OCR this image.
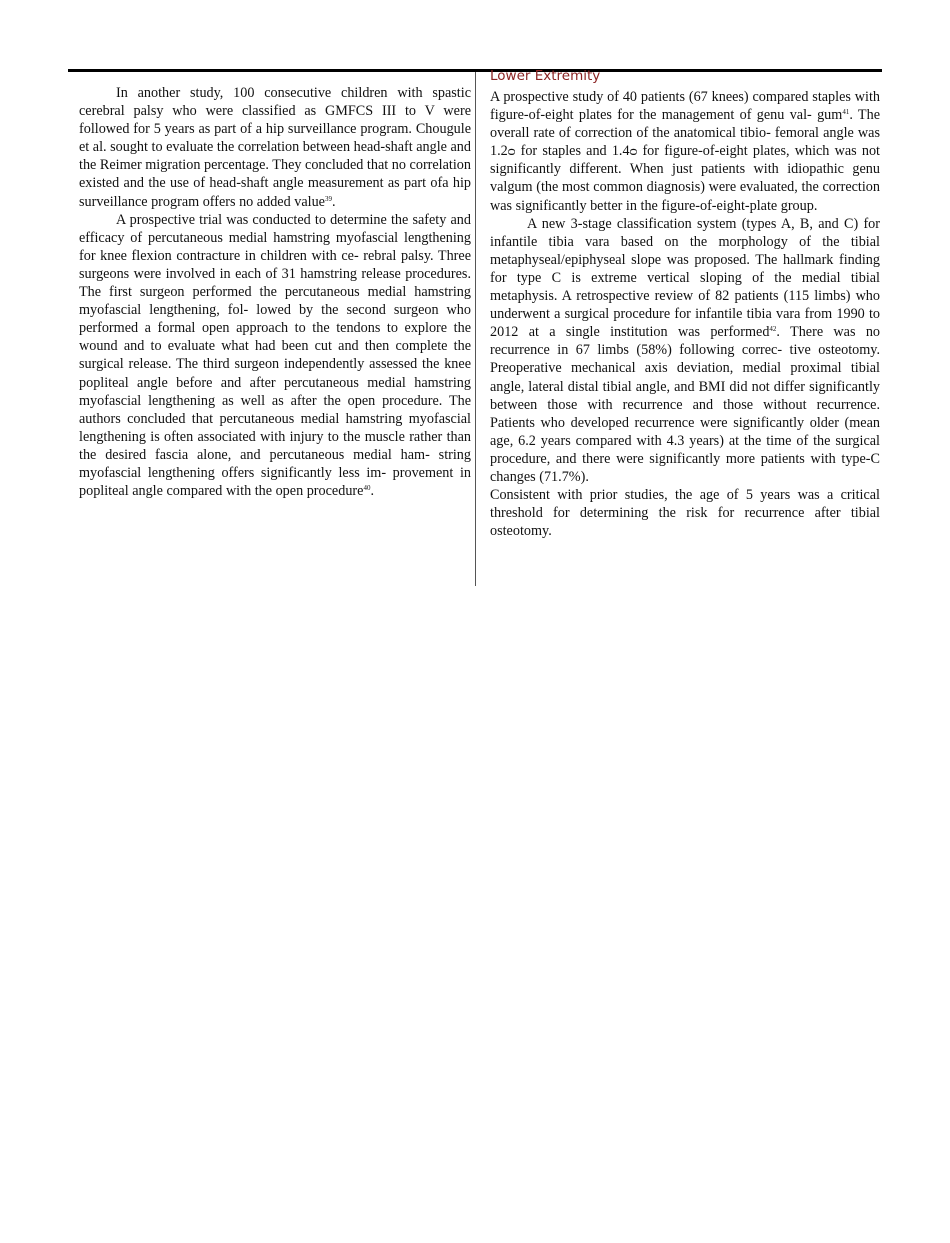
In another study, 100 consecutive children with spastic cerebral palsy who were classified as GMFCS III to V were followed for 5 years as part of a hip surveillance program. Chougule et al. sought to evaluate the correlation between head-shaft angle and the Reimer migration percentage. They concluded that no correlation existed and the use of head-shaft angle measurement as part ofa hip surveillance program offers no added value$^{39}$.

A prospective trial was conducted to determine the safety and efficacy of percutaneous medial hamstring myofascial lengthening for knee flexion contracture in children with ce- rebral palsy. Three surgeons were involved in each of 31 hamstring release procedures. The first surgeon performed the percutaneous medial hamstring myofascial lengthening, fol- lowed by the second surgeon who performed a formal open approach to the tendons to explore the wound and to evaluate what had been cut and then complete the surgical release. The third surgeon independently assessed the knee popliteal angle before and after percutaneous medial hamstring myofascial lengthening as well as after the open procedure. The authors concluded that percutaneous medial hamstring myofascial lengthening is often associated with injury to the muscle rather than the desired fascia alone, and percutaneous medial ham- string myofascial lengthening offers significantly less im- provement in popliteal angle compared with the open procedure$^{40}$.

Lower Extremity

A prospective study of 40 patients (67 knees) compared staples with figure-of-eight plates for the management of genu val- gum$^{41}$. The overall rate of correction of the anatomical tibio- femoral angle was 1.2ᴑ for staples and 1.4ᴑ for figure-of-eight plates, which was not significantly different. When just patients with idiopathic genu valgum (the most common diagnosis) were evaluated, the correction was significantly better in the figure-of-eight-plate group.

A new 3-stage classification system (types A, B, and C) for infantile tibia vara based on the morphology of the tibial metaphyseal/epiphyseal slope was proposed. The hallmark finding for type C is extreme vertical sloping of the medial tibial metaphysis. A retrospective review of 82 patients (115 limbs) who underwent a surgical procedure for infantile tibia vara from 1990 to 2012 at a single institution was performed$^{42}$. There was no recurrence in 67 limbs (58%) following correc- tive osteotomy. Preoperative mechanical axis deviation, medial proximal tibial angle, lateral distal tibial angle, and BMI did not differ significantly between those with recurrence and those without recurrence. Patients who developed recurrence were significantly older (mean age, 6.2 years compared with 4.3 years) at the time of the surgical procedure, and there were significantly more patients with type-C changes (71.7%).

Consistent with prior studies, the age of 5 years was a critical threshold for determining the risk for recurrence after tibial osteotomy.
